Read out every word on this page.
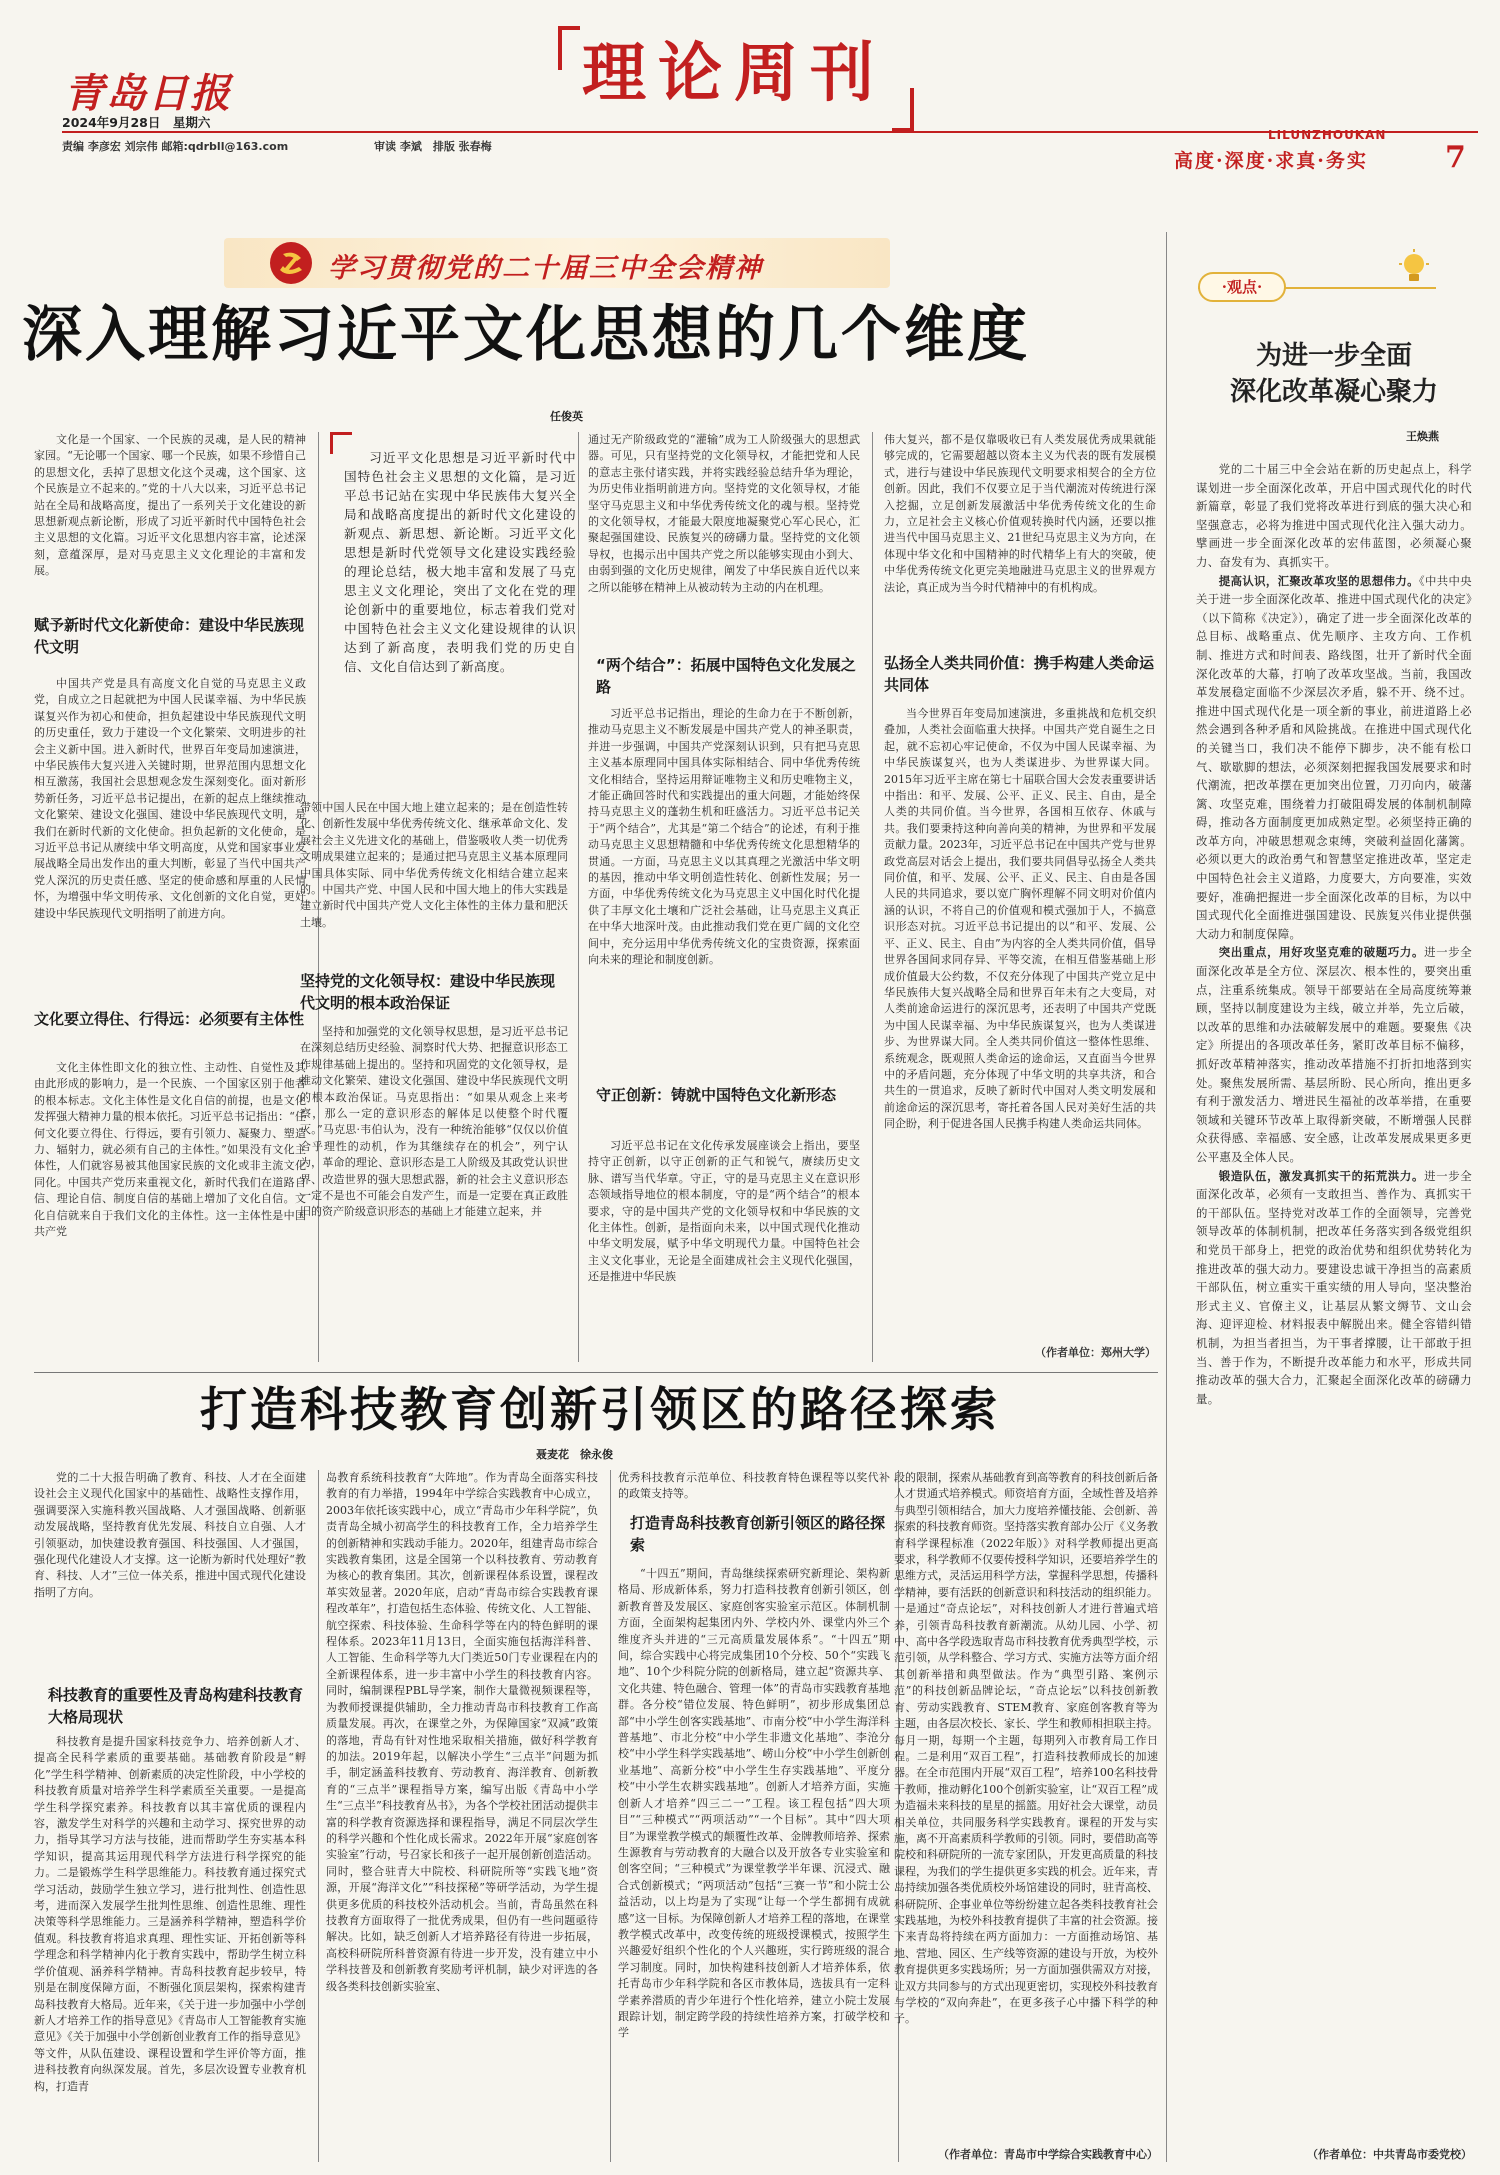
青岛日报
2024年9月28日　星期六
责编 李彦宏 刘宗伟 邮箱:qdrbll@163.com	审读 李斌　排版 张春梅
理论周刊
LILUNZHOUKAN
高度·深度·求真·务实	7
学习贯彻党的二十届三中全会精神
深入理解习近平文化思想的几个维度
任俊英
文化是一个国家、一个民族的灵魂，是人民的精神家园。“无论哪一个国家、哪一个民族，如果不珍惜自己的思想文化，丢掉了思想文化这个灵魂，这个国家、这个民族是立不起来的。”党的十八大以来，习近平总书记站在全局和战略高度，提出了一系列关于文化建设的新思想新观点新论断，形成了习近平新时代中国特色社会主义思想的文化篇。习近平文化思想内容丰富，论述深刻，意蕴深厚，是对马克思主义文化理论的丰富和发展。
赋予新时代文化新使命：建设中华民族现代文明
中国共产党是具有高度文化自觉的马克思主义政党，自成立之日起就把为中国人民谋幸福、为中华民族谋复兴作为初心和使命，担负起建设中华民族现代文明的历史重任，致力于建设一个文化繁荣、文明进步的社会主义新中国。进入新时代，世界百年变局加速演进，中华民族伟大复兴进入关键时期，世界范围内思想文化相互激荡，我国社会思想观念发生深刻变化。面对新形势新任务，习近平总书记提出，在新的起点上继续推动文化繁荣、建设文化强国、建设中华民族现代文明，是我们在新时代新的文化使命。担负起新的文化使命，是习近平总书记从赓续中华文明高度，从党和国家事业发展战略全局出发作出的重大判断，彰显了当代中国共产党人深沉的历史责任感、坚定的使命感和厚重的人民情怀，为增强中华文明传承、文化创新的文化自觉，更好建设中华民族现代文明指明了前进方向。
文化要立得住、行得远：必须要有主体性
文化主体性即文化的独立性、主动性、自觉性及其由此形成的影响力，是一个民族、一个国家区别于他者的根本标志。文化主体性是文化自信的前提，也是文化发挥强大精神力量的根本依托。习近平总书记指出：“任何文化要立得住、行得远，要有引领力、凝聚力、塑造力、辐射力，就必须有自己的主体性。”如果没有文化主体性，人们就容易被其他国家民族的文化或非主流文化同化。中国共产党历来重视文化，新时代我们在道路自信、理论自信、制度自信的基础上增加了文化自信。文化自信就来自于我们文化的主体性。这一主体性是中国共产党
习近平文化思想是习近平新时代中国特色社会主义思想的文化篇，是习近平总书记站在实现中华民族伟大复兴全局和战略高度提出的新时代文化建设的新观点、新思想、新论断。习近平文化思想是新时代党领导文化建设实践经验的理论总结，极大地丰富和发展了马克思主义文化理论，突出了文化在党的理论创新中的重要地位，标志着我们党对中国特色社会主义文化建设规律的认识达到了新高度，表明我们党的历史自信、文化自信达到了新高度。
带领中国人民在中国大地上建立起来的；是在创造性转化、创新性发展中华优秀传统文化、继承革命文化、发展社会主义先进文化的基础上，借鉴吸收人类一切优秀文明成果建立起来的；是通过把马克思主义基本原理同中国具体实际、同中华优秀传统文化相结合建立起来的。中国共产党、中国人民和中国大地上的伟大实践是建立新时代中国共产党人文化主体性的主体力量和肥沃土壤。
坚持党的文化领导权：建设中华民族现代文明的根本政治保证
坚持和加强党的文化领导权思想，是习近平总书记在深刻总结历史经验、洞察时代大势、把握意识形态工作规律基础上提出的。坚持和巩固党的文化领导权，是推动文化繁荣、建设文化强国、建设中华民族现代文明的根本政治保证。马克思指出：“如果从观念上来考察，那么一定的意识形态的解体足以使整个时代覆灭。”马克思·韦伯认为，没有一种统治能够“仅仅以价值合乎理性的动机，作为其继续存在的机会”，列宁认为，革命的理论、意识形态是工人阶级及其政党认识世界、改造世界的强大思想武器，新的社会主义意识形态一定不是也不可能会自发产生，而是一定要在真正政胜旧的资产阶级意识形态的基础上才能建立起来，并
通过无产阶级政党的“灌输”成为工人阶级强大的思想武器。可见，只有坚持党的文化领导权，才能把党和人民的意志主张付诸实践，并将实践经验总结升华为理论，为历史伟业指明前进方向。坚持党的文化领导权，才能坚守马克思主义和中华优秀传统文化的魂与根。坚持党的文化领导权，才能最大限度地凝聚党心军心民心，汇聚起强国建设、民族复兴的磅礴力量。坚持党的文化领导权，也揭示出中国共产党之所以能够实现由小到大、由弱到强的文化历史规律，阐发了中华民族自近代以来之所以能够在精神上从被动转为主动的内在机理。
“两个结合”：拓展中国特色文化发展之路
习近平总书记指出，理论的生命力在于不断创新，推动马克思主义不断发展是中国共产党人的神圣职责，并进一步强调，中国共产党深刻认识到，只有把马克思主义基本原理同中国具体实际相结合、同中华优秀传统文化相结合，坚持运用辩证唯物主义和历史唯物主义，才能正确回答时代和实践提出的重大问题，才能始终保持马克思主义的蓬勃生机和旺盛活力。习近平总书记关于“两个结合”，尤其是“第二个结合”的论述，有利于推动马克思主义思想精髓和中华优秀传统文化思想精华的贯通。一方面，马克思主义以其真理之光激活中华文明的基因，推动中华文明创造性转化、创新性发展；另一方面，中华优秀传统文化为马克思主义中国化时代化提供了丰厚文化土壤和广泛社会基础，让马克思主义真正在中华大地深叶茂。由此推动我们党在更广阔的文化空间中，充分运用中华优秀传统文化的宝贵资源，探索面向未来的理论和制度创新。
守正创新：铸就中国特色文化新形态
习近平总书记在文化传承发展座谈会上指出，要坚持守正创新，以守正创新的正气和锐气，赓续历史文脉、谱写当代华章。守正，守的是马克思主义在意识形态领域指导地位的根本制度，守的是“两个结合”的根本要求，守的是中国共产党的文化领导权和中华民族的文化主体性。创新，是指面向未来，以中国式现代化推动中华文明发展，赋予中华文明现代力量。中国特色社会主义文化事业，无论是全面建成社会主义现代化强国，还是推进中华民族
伟大复兴，都不是仅靠吸收已有人类发展优秀成果就能够完成的，它需要超越以资本主义为代表的既有发展模式，进行与建设中华民族现代文明要求相契合的全方位创新。因此，我们不仅要立足于当代潮流对传统进行深入挖掘，立足创新发展激活中华优秀传统文化的生命力，立足社会主义核心价值观转换时代内涵，还要以推进当代中国马克思主义、21世纪马克思主义为方向，在体现中华文化和中国精神的时代精华上有大的突破，使中华优秀传统文化更完美地融进马克思主义的世界观方法论，真正成为当今时代精神中的有机构成。
弘扬全人类共同价值：携手构建人类命运共同体
当今世界百年变局加速演进，多重挑战和危机交织叠加，人类社会面临重大抉择。中国共产党自诞生之日起，就不忘初心牢记使命，不仅为中国人民谋幸福、为中华民族谋复兴，也为人类谋进步、为世界谋大同。2015年习近平主席在第七十届联合国大会发表重要讲话中指出：和平、发展、公平、正义、民主、自由，是全人类的共同价值。当今世界，各国相互依存、休戚与共。我们要秉持这种向善向美的精神，为世界和平发展贡献力量。2023年，习近平总书记在中国共产党与世界政党高层对话会上提出，我们要共同倡导弘扬全人类共同价值，和平、发展、公平、正义、民主、自由是各国人民的共同追求，要以宽广胸怀理解不同文明对价值内涵的认识，不将自己的价值观和模式强加于人，不搞意识形态对抗。习近平总书记提出的以“和平、发展、公平、正义、民主、自由”为内容的全人类共同价值，倡导世界各国间求同存异、平等交流，在相互借鉴基础上形成价值最大公约数，不仅充分体现了中国共产党立足中华民族伟大复兴战略全局和世界百年未有之大变局，对人类前途命运进行的深沉思考，还表明了中国共产党既为中国人民谋幸福、为中华民族谋复兴，也为人类谋进步、为世界谋大同。全人类共同价值这一整体性思维、系统观念，既观照人类命运的途命运，又直面当今世界中的矛盾问题，充分体现了中华文明的共享共济，和合共生的一贯追求，反映了新时代中国对人类文明发展和前途命运的深沉思考，寄托着各国人民对美好生活的共同企盼，利于促进各国人民携手构建人类命运共同体。
（作者单位：郑州大学）
打造科技教育创新引领区的路径探索
聂麦花　徐永俊
党的二十大报告明确了教育、科技、人才在全面建设社会主义现代化国家中的基础性、战略性支撑作用，强调要深入实施科教兴国战略、人才强国战略、创新驱动发展战略，坚持教育优先发展、科技自立自强、人才引领驱动，加快建设教育强国、科技强国、人才强国，强化现代化建设人才支撑。这一论断为新时代处理好“教育、科技、人才”三位一体关系，推进中国式现代化建设指明了方向。
科技教育的重要性及青岛构建科技教育大格局现状
科技教育是提升国家科技竞争力、培养创新人才、提高全民科学素质的重要基础。基础教育阶段是“孵化”学生科学精神、创新素质的决定性阶段，中小学校的科技教育质量对培养学生科学素质至关重要。一是提高学生科学探究素养。科技教育以其丰富优质的课程内容，激发学生对科学的兴趣和主动学习、探究世界的动力，指导其学习方法与技能，进而帮助学生夯实基本科学知识，提高其运用现代科学方法进行科学探究的能力。二是锻炼学生科学思维能力。科技教育通过探究式学习活动，鼓励学生独立学习，进行批判性、创造性思考，进而深入发展学生批判性思维、创造性思维、理性决策等科学思维能力。三是涵养科学精神，塑造科学价值观。科技教育将追求真理、理性实证、开拓创新等科学理念和科学精神内化于教育实践中，帮助学生树立科学价值观、涵养科学精神。青岛科技教育起步较早，特别是在制度保障方面，不断强化顶层架构，探索构建青岛科技教育大格局。近年来，《关于进一步加强中小学创新人才培养工作的指导意见》《青岛市人工智能教育实施意见》《关于加强中小学创新创业教育工作的指导意见》等文件，从队伍建设、课程设置和学生评价等方面，推进科技教育向纵深发展。首先，多层次设置专业教育机构，打造青
岛教育系统科技教育“大阵地”。作为青岛全面落实科技教育的有力举措，1994年中学综合实践教育中心成立，2003年依托该实践中心，成立“青岛市少年科学院”，负责青岛全城小初高学生的科技教育工作，全力培养学生的创新精神和实践动手能力。2020年，组建青岛市综合实践教育集团，这是全国第一个以科技教育、劳动教育为核心的教育集团。其次，创新课程体系设置，课程改革实效显著。2020年底，启动“青岛市综合实践教育课程改革年”，打造包括生态体验、传统文化、人工智能、航空探索、科技体验、生命科学等在内的特色鲜明的课程体系。2023年11月13日，全面实施包括海洋科普、人工智能、生命科学等九大门类近50门专业课程在内的全新课程体系，进一步丰富中小学生的科技教育内容。同时，编制课程PBL导学案，制作大量微视频课程等，为教师授课提供辅助，全力推动青岛市科技教育工作高质量发展。再次，在课堂之外，为保障国家“双减”政策的落地，青岛有针对性地采取相关措施，做好科学教育的加法。2019年起，以解决小学生“三点半”问题为抓手，制定涵盖科技教育、劳动教育、海洋教育、创新教育的“三点半”课程指导方案，编写出版《青岛中小学生“三点半”科技教育丛书》，为各个学校社团活动提供丰富的科学教育资源选择和课程指导，满足不同层次学生的科学兴趣和个性化成长需求。2022年开展“家庭创客实验室”行动，号召家长和孩子一起开展创新创造活动。同时，整合驻青大中院校、科研院所等“实践飞地”资源，开展“海洋文化”“科技探秘”等研学活动，为学生提供更多优质的科技校外活动机会。当前，青岛虽然在科技教育方面取得了一批优秀成果，但仍有一些问题亟待解决。比如，缺乏创新人才培养路径有待进一步拓展，高校科研院所科普资源有待进一步开发，没有建立中小学科技普及和创新教育奖励考评机制，缺少对评选的各级各类科技创新实验室、
优秀科技教育示范单位、科技教育特色课程等以奖代补的政策支持等。
打造青岛科技教育创新引领区的路径探索
“十四五”期间，青岛继续探索研究新理论、架构新格局、形成新体系，努力打造科技教育创新引领区，创新教育普及发展区、家庭创客实验室示范区。体制机制方面，全面架构起集团内外、学校内外、课堂内外三个维度齐头并进的“三元高质量发展体系”。“十四五”期间，综合实践中心将完成集团10个分校、50个“实践飞地”、10个少科院分院的创新格局，建立起“资源共享、文化共建、特色融合、管理一体”的青岛市实践教育基地群。各分校“错位发展、特色鲜明”，初步形成集团总部“中小学生创客实践基地”、市南分校“中小学生海洋科普基地”、市北分校“中小学生非遗文化基地”、李沧分校“中小学生科学实践基地”、崂山分校“中小学生创新创业基地”、高新分校“中小学生生存实践基地”、平度分校“中小学生农耕实践基地”。创新人才培养方面，实施创新人才培养“四三二一”工程。该工程包括“四大项目”“三种模式”“两项活动”“一个目标”。其中“四大项目”为课堂教学模式的颠覆性改革、金牌教师培养、探索生源教育与劳动教育的大融合以及开放各专业实验室和创客空间；“三种模式”为课堂教学半年课、沉浸式、融合式创新模式；“两项活动”包括“三赛一节”和小院士公益活动，以上均是为了实现“让每一个学生都拥有成就感”这一目标。为保障创新人才培养工程的落地，在课堂教学模式改革中，改变传统的班级授课模式，按照学生兴趣爱好组织个性化的个人兴趣班，实行跨班级的混合学习制度。同时，加快构建科技创新人才培养体系，依托青岛市少年科学院和各区市教体局，选拔具有一定科学素养潜质的青少年进行个性化培养，建立小院士发展跟踪计划，制定跨学段的持续性培养方案，打破学校和学
段的限制，探索从基础教育到高等教育的科技创新后备人才贯通式培养模式。师资培育方面，全域性普及培养与典型引领相结合，加大力度培养懂技能、会创新、善探索的科技教育师资。坚持落实教育部办公厅《义务教育科学课程标准（2022年版）》对科学教师提出更高要求，科学教师不仅要传授科学知识，还要培养学生的思维方式，灵活运用科学方法，掌握科学思想，传播科学精神，要有活跃的创新意识和科技活动的组织能力。一是通过“奇点论坛”，对科技创新人才进行普遍式培养，引领青岛科技教育新潮流。从幼儿园、小学、初中、高中各学段选取青岛市科技教育优秀典型学校，示范引领，从学科整合、学习方式、实施方法等方面介绍其创新举措和典型做法。作为“典型引路、案例示范”的科技创新品牌论坛，“奇点论坛”以科技创新教育、劳动实践教育、STEM教育、家庭创客教育等为主题，由各层次校长、家长、学生和教师相担联主持。每月一期，每期一个主题，每期列入市教育局工作日程。二是利用“双百工程”，打造科技教师成长的加速器。在全市范围内开展“双百工程”，培养100名科技骨干教师，推动孵化100个创新实验室，让“双百工程”成为造福未来科技的星星的摇篮。用好社会大课堂，动员相关单位，共同服务科学实践教育。课程的开发与实施，离不开高素质科学教师的引领。同时，要借助高等院校和科研院所的一流专家团队，开发更高质量的科技课程，为我们的学生提供更多实践的机会。近年来，青岛持续加强各类优质校外场馆建设的同时，驻青高校、科研院所、企事业单位等纷纷建立起各类科技教育社会实践基地，为校外科技教育提供了丰富的社会资源。接下来青岛将持续在两方面加力：一方面推动场馆、基地、营地、园区、生产线等资源的建设与开放，为校外教育提供更多实践场所；另一方面加强供需双方对接，让双方共同参与的方式出现更密切，实现校外科技教育与学校的“双向奔赴”，在更多孩子心中播下科学的种子。
（作者单位：青岛市中学综合实践教育中心）
·观点·
为进一步全面
深化改革凝心聚力
王焕燕

党的二十届三中全会站在新的历史起点上，科学谋划进一步全面深化改革，开启中国式现代化的时代新篇章，彰显了我们党将改革进行到底的强大决心和坚强意志，必将为推进中国式现代化注入强大动力。擘画进一步全面深化改革的宏伟蓝图，必须凝心聚力、奋发有为、真抓实干。

提高认识，汇聚改革攻坚的思想伟力。《中共中央关于进一步全面深化改革、推进中国式现代化的决定》（以下简称《决定》），确定了进一步全面深化改革的总目标、战略重点、优先顺序、主攻方向、工作机制、推进方式和时间表、路线图，壮开了新时代全面深化改革的大幕，打响了改革攻坚战。当前，我国改革发展稳定面临不少深层次矛盾，躲不开、绕不过。推进中国式现代化是一项全新的事业，前进道路上必然会遇到各种矛盾和风险挑战。在推进中国式现代化的关键当口，我们决不能停下脚步，决不能有松口气、歇歇脚的想法，必须深刻把握我国发展要求和时代潮流，把改革摆在更加突出位置，刀刃向内，破藩篱、攻坚克难，围绕着力打破阻碍发展的体制机制障碍，推动各方面制度更加成熟定型。必须坚持正确的改革方向，冲破思想观念束缚，突破利益固化藩篱。必须以更大的政治勇气和智慧坚定推进改革，坚定走中国特色社会主义道路，力度要大，方向要准，实效要好，准确把握进一步全面深化改革的目标，为以中国式现代化全面推进强国建设、民族复兴伟业提供强大动力和制度保障。

突出重点，用好攻坚克难的破题巧力。进一步全面深化改革是全方位、深层次、根本性的，要突出重点，注重系统集成。领导干部要站在全局高度统筹兼顾，坚持以制度建设为主线，破立并举，先立后破，以改革的思维和办法破解发展中的难题。要聚焦《决定》所提出的各项改革任务，紧盯改革目标不偏移，抓好改革精神落实，推动改革措施不打折扣地落到实处。聚焦发展所需、基层所盼、民心所向，推出更多有利于激发活力、增进民生福祉的改革举措，在重要领域和关键环节改革上取得新突破，不断增强人民群众获得感、幸福感、安全感，让改革发展成果更多更公平惠及全体人民。

锻造队伍，激发真抓实干的拓荒洪力。进一步全面深化改革，必须有一支敢担当、善作为、真抓实干的干部队伍。坚持党对改革工作的全面领导，完善党领导改革的体制机制，把改革任务落实到各级党组织和党员干部身上，把党的政治优势和组织优势转化为推进改革的强大动力。要建设忠诚干净担当的高素质干部队伍，树立重实干重实绩的用人导向，坚决整治形式主义、官僚主义，让基层从繁文缛节、文山会海、迎评迎检、材料报表中解脱出来。健全容错纠错机制，为担当者担当，为干事者撑腰，让干部敢于担当、善于作为，不断提升改革能力和水平，形成共同推动改革的强大合力，汇聚起全面深化改革的磅礴力量。

（作者单位：中共青岛市委党校）
